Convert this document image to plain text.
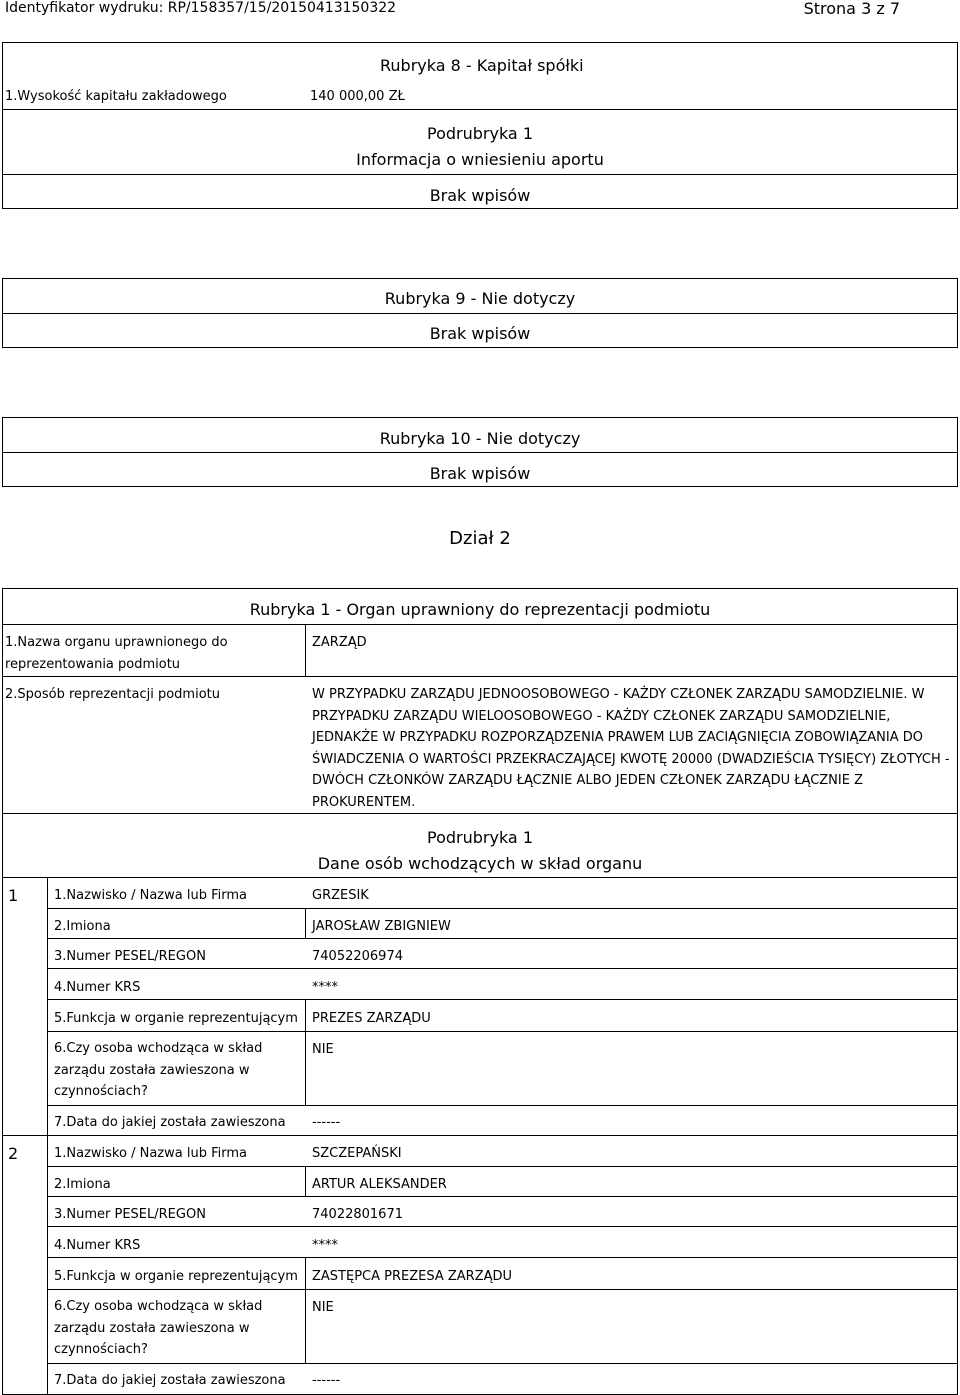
Identyfikator wydruku: RP/158357/15/20150413150322	Strona 3 z 7
Rubryka 8 - Kapitał spółki
1.Wysokość kapitału zakładowego	140 000,00 ZŁ
Podrubryka 1
Informacja o wniesieniu aportu
Brak wpisów
Rubryka 9 - Nie dotyczy
Brak wpisów
Rubryka 10 - Nie dotyczy
Brak wpisów
Dział 2
Rubryka 1 - Organ uprawniony do reprezentacji podmiotu
1.Nazwa organu uprawnionego do reprezentowania podmiotu
ZARZĄD
2.Sposób reprezentacji podmiotu	W PRZYPADKU ZARZĄDU JEDNOOSOBOWEGO - KAŻDY CZŁONEK ZARZĄDU SAMODZIELNIE. W PRZYPADKU ZARZĄDU WIELOOSOBOWEGO - KAŻDY CZŁONEK ZARZĄDU SAMODZIELNIE, JEDNAKŻE W PRZYPADKU ROZPORZĄDZENIA PRAWEM LUB ZACIĄGNIĘCIA ZOBOWIĄZANIA DO ŚWIADCZENIA O WARTOŚCI PRZEKRACZAJĄCEJ KWOTĘ 20000 (DWADZIEŚCIA TYSIĘCY) ZŁOTYCH - DWÓCH CZŁONKÓW ZARZĄDU ŁĄCZNIE ALBO JEDEN CZŁONEK ZARZĄDU ŁĄCZNIE Z PROKURENTEM.
Podrubryka 1
Dane osób wchodzących w skład organu
1	1.Nazwisko / Nazwa lub Firma	GRZESIK
2.Imiona	JAROSŁAW ZBIGNIEW
3.Numer PESEL/REGON	74052206974
4.Numer KRS	****
5.Funkcja w organie reprezentującym PREZES ZARZĄDU
6.Czy osoba wchodząca w skład zarządu została zawieszona w czynnościach?
NIE
7.Data do jakiej została zawieszona ------
2	1.Nazwisko / Nazwa lub Firma	SZCZEPAŃSKI
2.Imiona	ARTUR ALEKSANDER
3.Numer PESEL/REGON	74022801671
4.Numer KRS	****
5.Funkcja w organie reprezentującym ZASTĘPCA PREZESA ZARZĄDU
6.Czy osoba wchodząca w skład zarządu została zawieszona w czynnościach?
NIE
7.Data do jakiej została zawieszona ------
